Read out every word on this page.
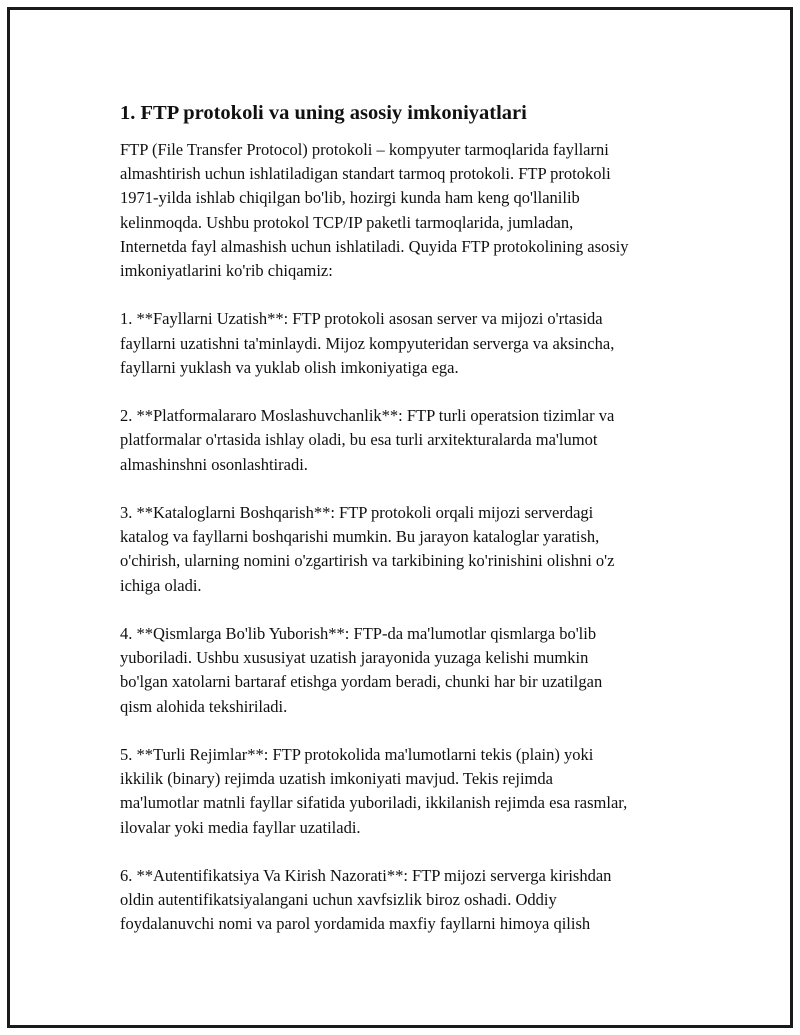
1. FTP protokoli va uning asosiy imkoniyatlari

FTP (File Transfer Protocol) protokoli – kompyuter tarmoqlarida fayllarni
almashtirish uchun ishlatiladigan standart tarmoq protokoli. FTP protokoli
1971-yilda ishlab chiqilgan bo'lib, hozirgi kunda ham keng qo'llanilib
kelinmoqda. Ushbu protokol TCP/IP paketli tarmoqlarida, jumladan,
Internetda fayl almashish uchun ishlatiladi. Quyida FTP protokolining asosiy
imkoniyatlarini ko'rib chiqamiz:

1. **Fayllarni Uzatish**: FTP protokoli asosan server va mijozi o'rtasida
fayllarni uzatishni ta'minlaydi. Mijoz kompyuteridan serverga va aksincha,
fayllarni yuklash va yuklab olish imkoniyatiga ega.

2. **Platformalararo Moslashuvchanlik**: FTP turli operatsion tizimlar va
platformalar o'rtasida ishlay oladi, bu esa turli arxitekturalarda ma'lumot
almashinshni osonlashtiradi.

3. **Kataloglarni Boshqarish**: FTP protokoli orqali mijozi serverdagi
katalog va fayllarni boshqarishi mumkin. Bu jarayon kataloglar yaratish,
o'chirish, ularning nomini o'zgartirish va tarkibining ko'rinishini olishni o'z
ichiga oladi.

4. **Qismlarga Bo'lib Yuborish**: FTP-da ma'lumotlar qismlarga bo'lib
yuboriladi. Ushbu xususiyat uzatish jarayonida yuzaga kelishi mumkin
bo'lgan xatolarni bartaraf etishga yordam beradi, chunki har bir uzatilgan
qism alohida tekshiriladi.

5. **Turli Rejimlar**: FTP protokolida ma'lumotlarni tekis (plain) yoki
ikkilik (binary) rejimda uzatish imkoniyati mavjud. Tekis rejimda
ma'lumotlar matnli fayllar sifatida yuboriladi, ikkilanish rejimda esa rasmlar,
ilovalar yoki media fayllar uzatiladi.

6. **Autentifikatsiya Va Kirish Nazorati**: FTP mijozi serverga kirishdan
oldin autentifikatsiyalangani uchun xavfsizlik biroz oshadi. Oddiy
foydalanuvchi nomi va parol yordamida maxfiy fayllarni himoya qilish
